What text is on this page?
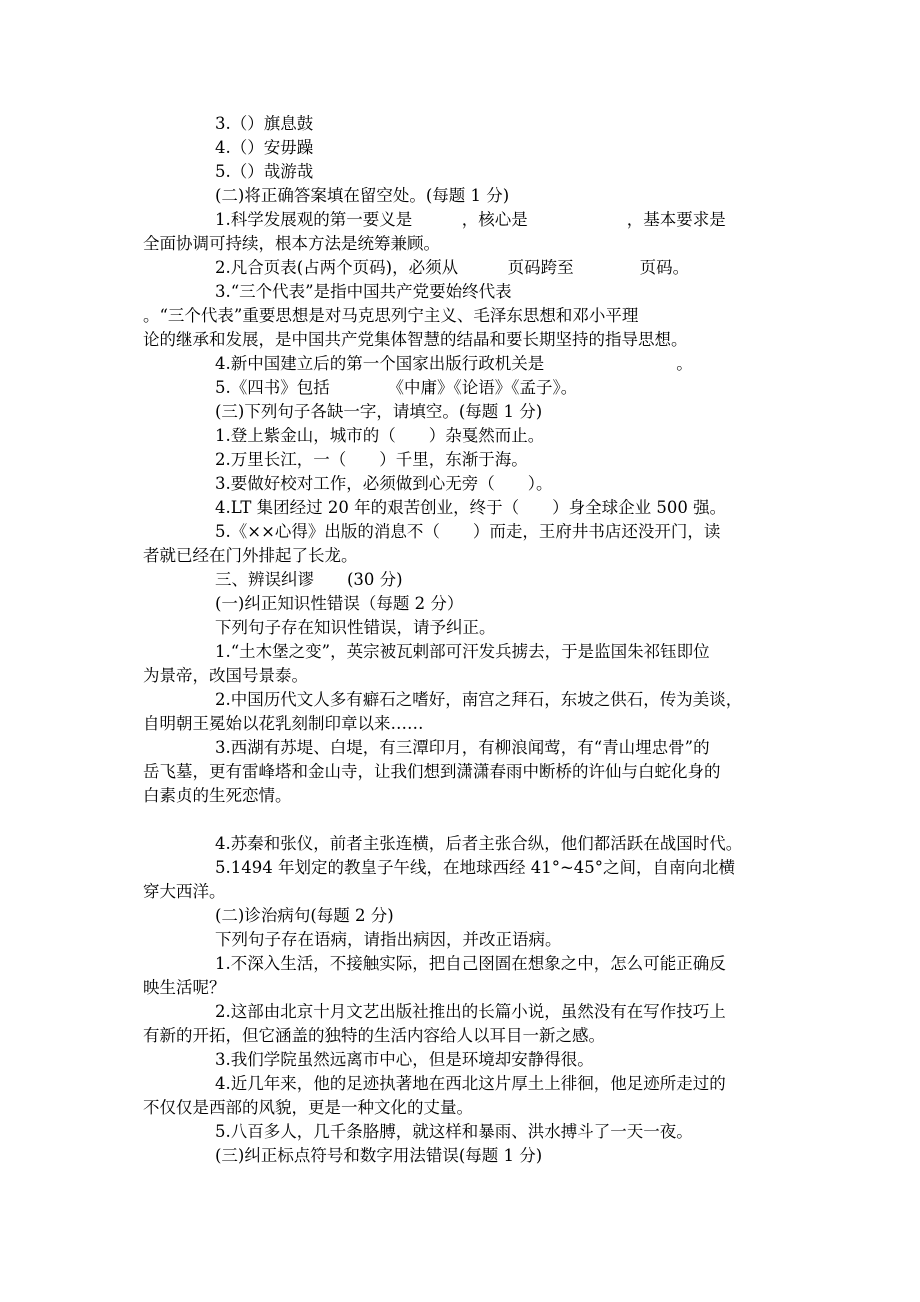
3.（）旗息鼓

4.（）安毋躁

5.（）哉游哉

(二)将正确答案填在留空处。(每题 1 分)

1.科学发展观的第一要义是　　　，核心是　　　　　　，基本要求是

全面协调可持续，根本方法是统筹兼顾。

2.凡合页表(占两个页码)，必须从　　　页码跨至　　　　页码。

3.“三个代表”是指中国共产党要始终代表

。“三个代表”重要思想是对马克思列宁主义、毛泽东思想和邓小平理

论的继承和发展，是中国共产党集体智慧的结晶和要长期坚持的指导思想。

4.新中国建立后的第一个国家出版行政机关是　　　　　　　　。

5.《四书》包括　　　　《中庸》《论语》《孟子》。

(三)下列句子各缺一字，请填空。(每题 1 分)

1.登上紫金山，城市的（　　）杂戛然而止。

2.万里长江，一（　　）千里，东渐于海。

3.要做好校对工作，必须做到心无旁（　　）。

4.LT 集团经过 20 年的艰苦创业，终于（　　）身全球企业 500 强。

5.《××心得》出版的消息不（　　）而走，王府井书店还没开门，读

者就已经在门外排起了长龙。

三、辨误纠谬　　(30 分)

(一)纠正知识性错误（每题 2 分）

下列句子存在知识性错误，请予纠正。

1.“土木堡之变”，英宗被瓦剌部可汗发兵掳去，于是监国朱祁钰即位

为景帝，改国号景泰。

2.中国历代文人多有癖石之嗜好，南宫之拜石，东坡之供石，传为美谈，

自明朝王冕始以花乳刻制印章以来……

3.西湖有苏堤、白堤，有三潭印月，有柳浪闻莺，有“青山埋忠骨”的

岳飞墓，更有雷峰塔和金山寺，让我们想到潇潇春雨中断桥的许仙与白蛇化身的

白素贞的生死恋情。

4.苏秦和张仪，前者主张连横，后者主张合纵，他们都活跃在战国时代。

5.1494 年划定的教皇子午线，在地球西经 41°~45°之间，自南向北横

穿大西洋。

(二)诊治病句(每题 2 分)

下列句子存在语病，请指出病因，并改正语病。

1.不深入生活，不接触实际，把自己囹圄在想象之中，怎么可能正确反

映生活呢？

2.这部由北京十月文艺出版社推出的长篇小说，虽然没有在写作技巧上

有新的开拓，但它涵盖的独特的生活内容给人以耳目一新之感。

3.我们学院虽然远离市中心，但是环境却安静得很。

4.近几年来，他的足迹执著地在西北这片厚土上徘徊，他足迹所走过的

不仅仅是西部的风貌，更是一种文化的丈量。

5.八百多人，几千条胳膊，就这样和暴雨、洪水搏斗了一天一夜。

(三)纠正标点符号和数字用法错误(每题 1 分)
